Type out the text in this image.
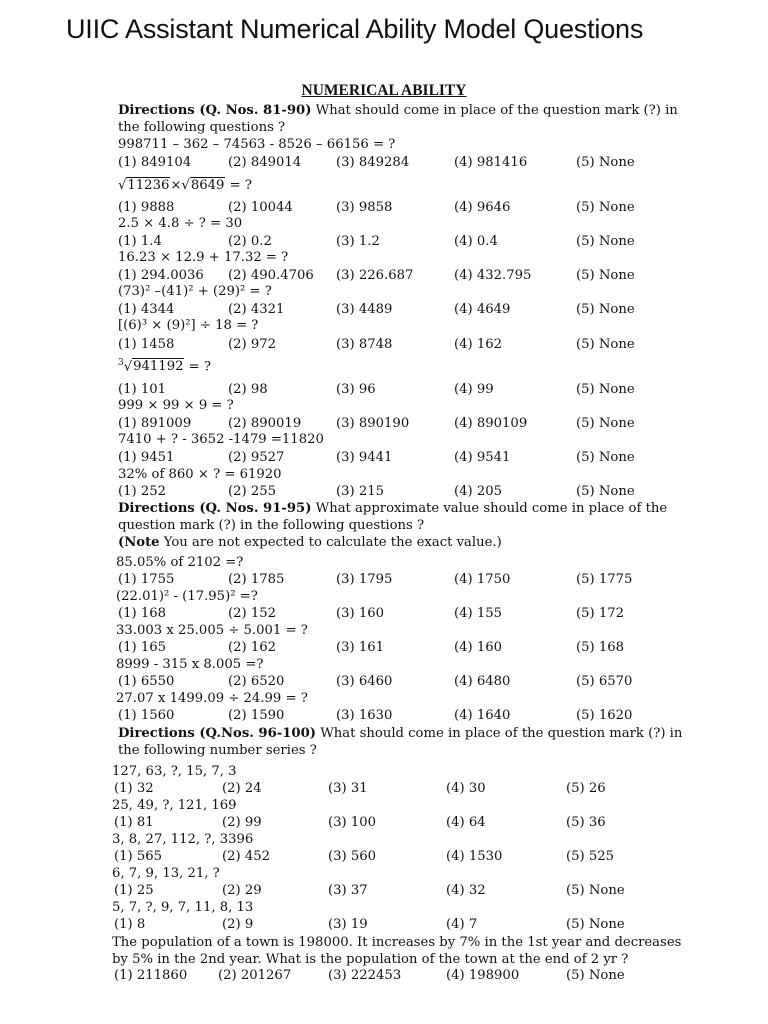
UIIC Assistant Numerical Ability Model Questions
NUMERICAL ABILITY
Directions (Q. Nos. 81-90) What should come in place of the question mark (?) in the following questions ?
Directions (Q. Nos. 91-95) What approximate value should come in place of the question mark (?) in the following questions ?
(Note You are not expected to calculate the exact value.)
Directions (Q.Nos. 96-100) What should come in place of the question mark (?) in the following number series ?
998711 – 362 – 74563 - 8526 – 66156 = ?
(1) 849104	(2) 849014	(3) 849284	(4) 981416	(5) None
√11236×√8649 = ?
(1) 9888	(2) 10044	(3) 9858	(4) 9646	(5) None
2.5 × 4.8 ÷ ? = 30
(1) 1.4	(2) 0.2	(3) 1.2	(4) 0.4	(5) None
16.23 × 12.9 + 17.32 = ?
(1) 294.0036 (2) 490.4706 (3) 226.687	(4) 432.795	(5) None
(73)² –(41)² + (29)² = ?
(1) 4344	(2) 4321	(3) 4489	(4) 4649	(5) None
[(6)³ × (9)²] ÷ 18 = ?
(1) 1458	(2) 972	(3) 8748	(4) 162	(5) None
$^3$√941192 = ?
(1) 101	(2) 98	(3) 96	(4) 99	(5) None
999 × 99 × 9 = ?
(1) 891009	(2) 890019	(3) 890190	(4) 890109	(5) None
7410 + ? - 3652 -1479 =11820
(1) 9451	(2) 9527	(3) 9441	(4) 9541	(5) None
32% of 860 × ? = 61920
(1) 252	(2) 255	(3) 215	(4) 205	(5) None
85.05% of 2102 =?
(1) 1755	(2) 1785	(3) 1795	(4) 1750	(5) 1775
(22.01)² - (17.95)² =?
(1) 168	(2) 152	(3) 160	(4) 155	(5) 172
33.003 x 25.005 ÷ 5.001 = ?
(1) 165	(2) 162	(3) 161	(4) 160	(5) 168
8999 - 315 x 8.005 =?
(1) 6550	(2) 6520	(3) 6460	(4) 6480	(5) 6570
27.07 x 1499.09 ÷ 24.99 = ?
(1) 1560	(2) 1590	(3) 1630	(4) 1640	(5) 1620
127, 63, ?, 15, 7, 3
(1) 32	(2) 24	(3) 31	(4) 30	(5) 26
25, 49, ?, 121, 169
(1) 81	(2) 99	(3) 100	(4) 64	(5) 36
3, 8, 27, 112, ?, 3396
(1) 565	(2) 452	(3) 560	(4) 1530	(5) 525
6, 7, 9, 13, 21, ?
(1) 25	(2) 29	(3) 37	(4) 32	(5) None
5, 7, ?, 9, 7, 11, 8, 13
(1) 8	(2) 9	(3) 19	(4) 7	(5) None
The population of a town is 198000. It increases by 7% in the 1st year and decreases by 5% in the 2nd year. What is the population of the town at the end of 2 yr ?
(1) 211860 (2) 201267	(3) 222453	(4) 198900	(5) None
